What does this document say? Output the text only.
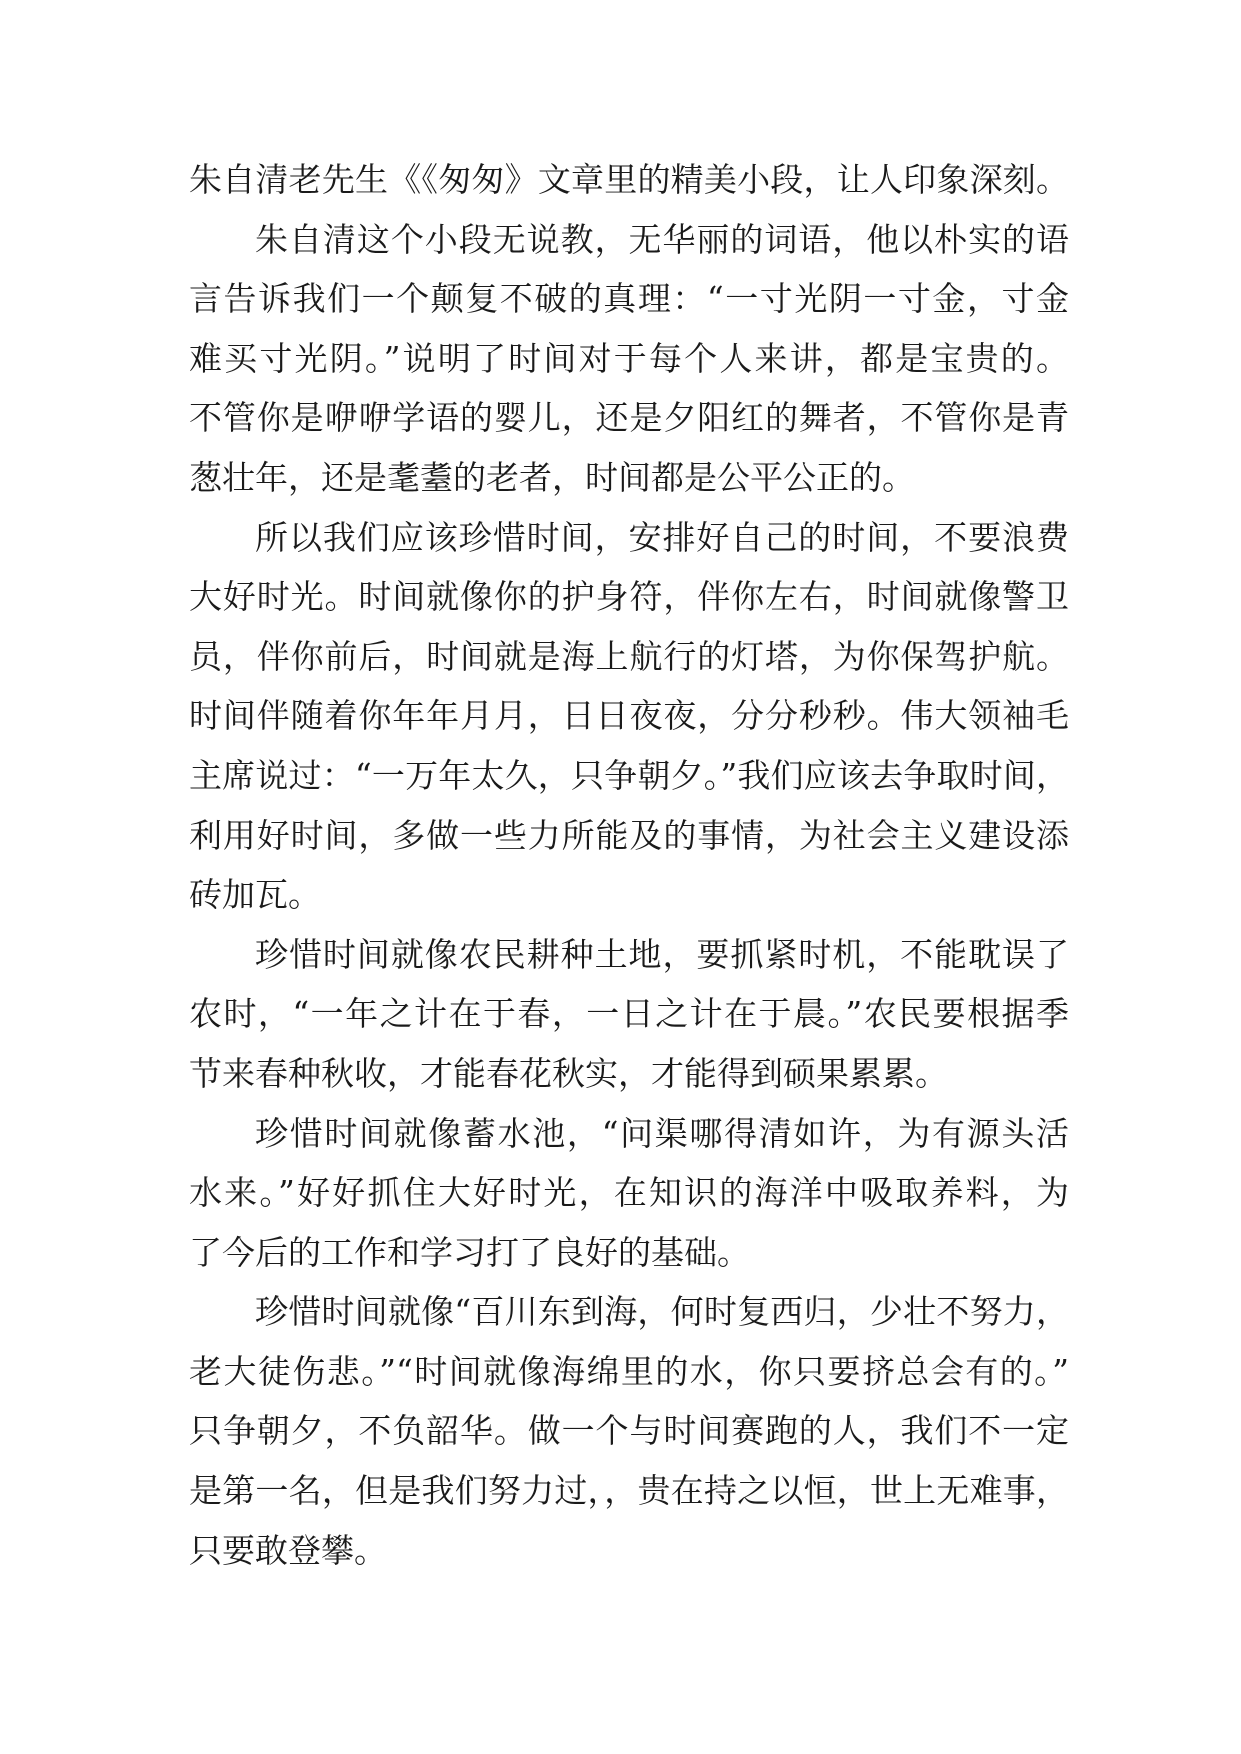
朱自清老先生《《匆匆》文章里的精美小段，让人印象深刻。
朱自清这个小段无说教，无华丽的词语，他以朴实的语
言告诉我们一个颠复不破的真理：“一寸光阴一寸金，寸金
难买寸光阴。”说明了时间对于每个人来讲，都是宝贵的。
不管你是咿咿学语的婴儿，还是夕阳红的舞者，不管你是青
葱壮年，还是耄耋的老者，时间都是公平公正的。
所以我们应该珍惜时间，安排好自己的时间，不要浪费
大好时光。时间就像你的护身符，伴你左右，时间就像警卫
员，伴你前后，时间就是海上航行的灯塔，为你保驾护航。
时间伴随着你年年月月，日日夜夜，分分秒秒。伟大领袖毛
主席说过：“一万年太久，只争朝夕。”我们应该去争取时间，
利用好时间，多做一些力所能及的事情，为社会主义建设添
砖加瓦。
珍惜时间就像农民耕种土地，要抓紧时机，不能耽误了
农时，“一年之计在于春，一日之计在于晨。”农民要根据季
节来春种秋收，才能春花秋实，才能得到硕果累累。
珍惜时间就像蓄水池，“问渠哪得清如许，为有源头活
水来。”好好抓住大好时光，在知识的海洋中吸取养料，为
了今后的工作和学习打了良好的基础。
珍惜时间就像“百川东到海，何时复西归，少壮不努力，
老大徒伤悲。”“时间就像海绵里的水，你只要挤总会有的。”
只争朝夕，不负韶华。做一个与时间赛跑的人，我们不一定
是第一名，但是我们努力过，，贵在持之以恒，世上无难事，
只要敢登攀。
